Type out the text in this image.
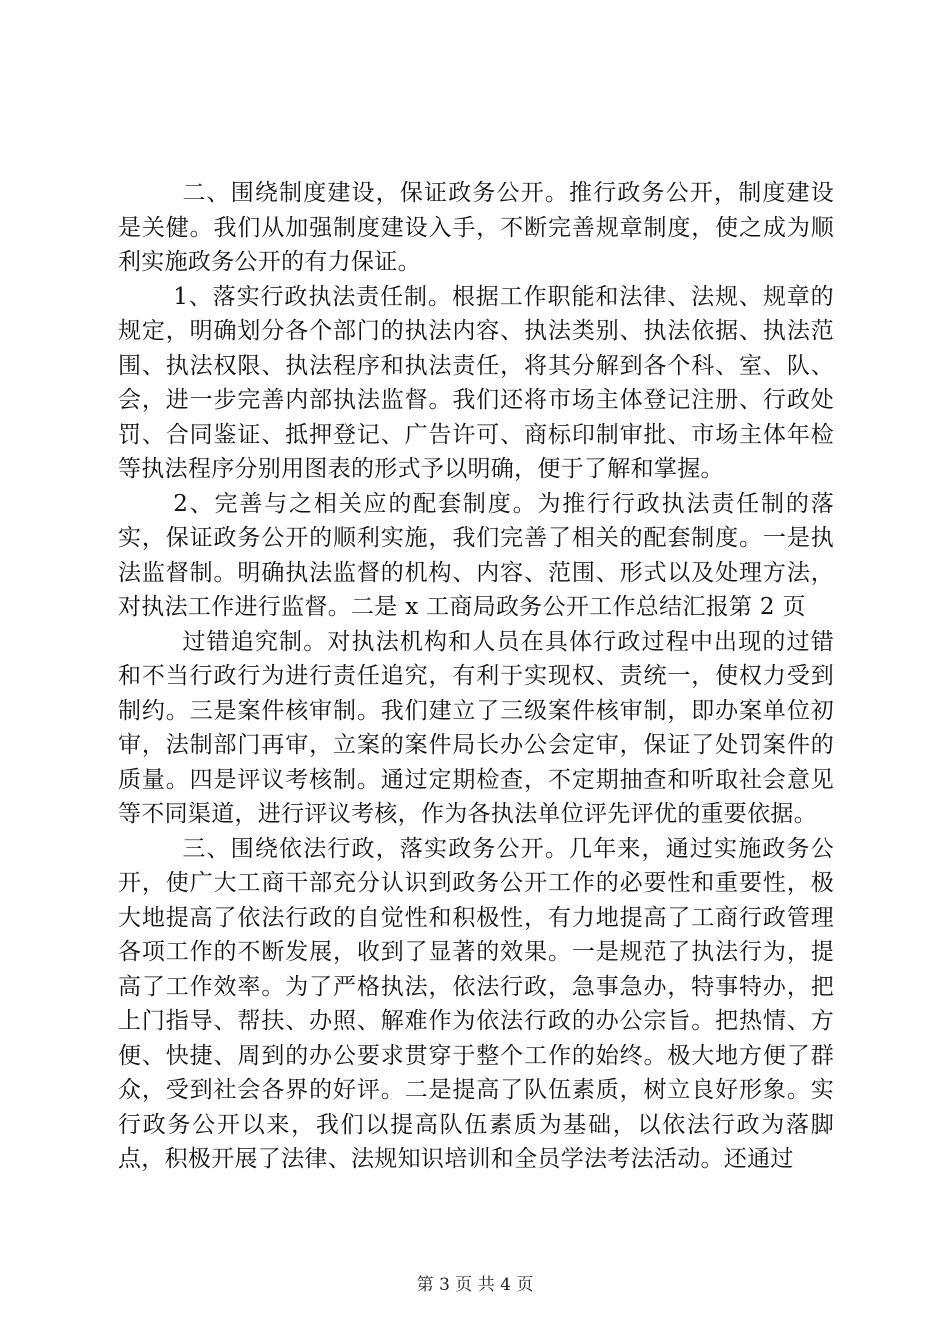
二、围绕制度建设，保证政务公开。推行政务公开，制度建设是关健。我们从加强制度建设入手，不断完善规章制度，使之成为顺利实施政务公开的有力保证。

1、落实行政执法责任制。根据工作职能和法律、法规、规章的规定，明确划分各个部门的执法内容、执法类别、执法依据、执法范围、执法权限、执法程序和执法责任，将其分解到各个科、室、队、会，进一步完善内部执法监督。我们还将市场主体登记注册、行政处罚、合同鉴证、抵押登记、广告许可、商标印制审批、市场主体年检等执法程序分别用图表的形式予以明确，便于了解和掌握。

2、完善与之相关应的配套制度。为推行行政执法责任制的落实，保证政务公开的顺利实施，我们完善了相关的配套制度。一是执法监督制。明确执法监督的机构、内容、范围、形式以及处理方法，对执法工作进行监督。二是 x 工商局政务公开工作总结汇报第 2 页

过错追究制。对执法机构和人员在具体行政过程中出现的过错和不当行政行为进行责任追究，有利于实现权、责统一，使权力受到制约。三是案件核审制。我们建立了三级案件核审制，即办案单位初审，法制部门再审，立案的案件局长办公会定审，保证了处罚案件的质量。四是评议考核制。通过定期检查，不定期抽查和听取社会意见等不同渠道，进行评议考核，作为各执法单位评先评优的重要依据。

三、围绕依法行政，落实政务公开。几年来，通过实施政务公开，使广大工商干部充分认识到政务公开工作的必要性和重要性，极大地提高了依法行政的自觉性和积极性，有力地提高了工商行政管理各项工作的不断发展，收到了显著的效果。一是规范了执法行为，提高了工作效率。为了严格执法，依法行政，急事急办，特事特办，把上门指导、帮扶、办照、解难作为依法行政的办公宗旨。把热情、方便、快捷、周到的办公要求贯穿于整个工作的始终。极大地方便了群众，受到社会各界的好评。二是提高了队伍素质，树立良好形象。实行政务公开以来，我们以提高队伍素质为基础，以依法行政为落脚点，积极开展了法律、法规知识培训和全员学法考法活动。还通过

第 3 页 共 4 页
